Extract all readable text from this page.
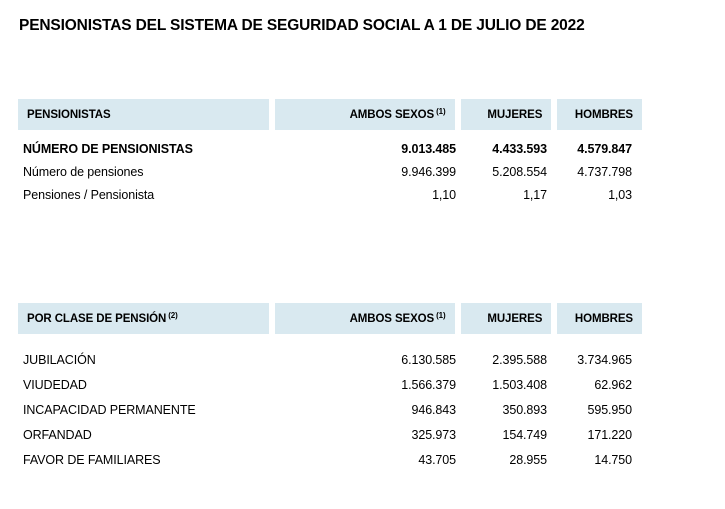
PENSIONISTAS DEL SISTEMA DE SEGURIDAD SOCIAL A 1 DE JULIO DE 2022
PENSIONISTAS	AMBOS SEXOS (1)	MUJERES	HOMBRES
NÚMERO DE PENSIONISTAS	9.013.485	4.433.593	4.579.847
Número de pensiones	9.946.399	5.208.554	4.737.798
Pensiones / Pensionista	1,10	1,17	1,03
POR CLASE DE PENSIÓN (2)	AMBOS SEXOS (1)	MUJERES	HOMBRES
JUBILACIÓN	6.130.585	2.395.588	3.734.965
VIUDEDAD	1.566.379	1.503.408	62.962
INCAPACIDAD PERMANENTE	946.843	350.893	595.950
ORFANDAD	325.973	154.749	171.220
FAVOR DE FAMILIARES	43.705	28.955	14.750
